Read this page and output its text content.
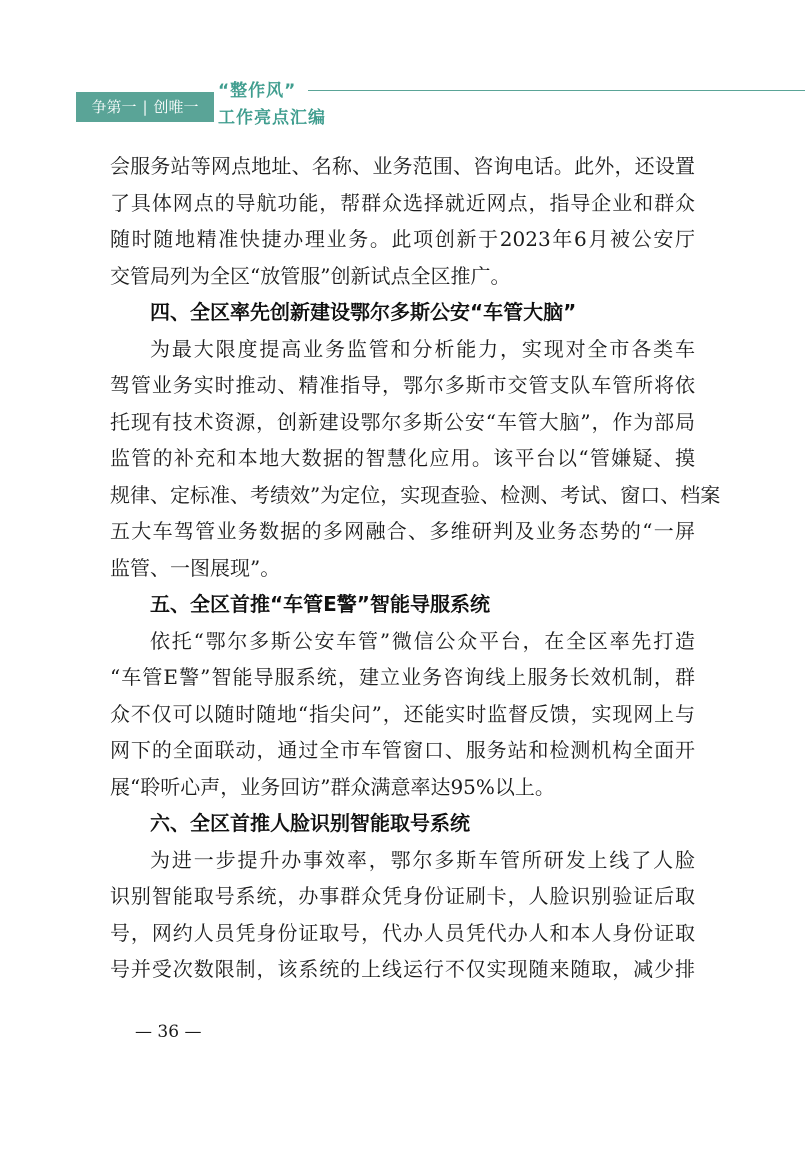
争第一 | 创唯一
“整作风”
工作亮点汇编
会服务站等网点地址、名称、业务范围、咨询电话。此外，还设置
了具体网点的导航功能，帮群众选择就近网点，指导企业和群众
随时随地精准快捷办理业务。此项创新于2023年6月被公安厅
交管局列为全区“放管服”创新试点全区推广。
四、全区率先创新建设鄂尔多斯公安“车管大脑”
为最大限度提高业务监管和分析能力，实现对全市各类车
驾管业务实时推动、精准指导，鄂尔多斯市交管支队车管所将依
托现有技术资源，创新建设鄂尔多斯公安“车管大脑”，作为部局
监管的补充和本地大数据的智慧化应用。该平台以“管嫌疑、摸
规律、定标准、考绩效”为定位，实现查验、检测、考试、窗口、档案
五大车驾管业务数据的多网融合、多维研判及业务态势的“一屏
监管、一图展现”。
五、全区首推“车管E警”智能导服系统
依托“鄂尔多斯公安车管”微信公众平台，在全区率先打造
“车管E警”智能导服系统，建立业务咨询线上服务长效机制，群
众不仅可以随时随地“指尖问”，还能实时监督反馈，实现网上与
网下的全面联动，通过全市车管窗口、服务站和检测机构全面开
展“聆听心声，业务回访”群众满意率达95%以上。
六、全区首推人脸识别智能取号系统
为进一步提升办事效率，鄂尔多斯车管所研发上线了人脸
识别智能取号系统，办事群众凭身份证刷卡，人脸识别验证后取
号，网约人员凭身份证取号，代办人员凭代办人和本人身份证取
号并受次数限制，该系统的上线运行不仅实现随来随取，减少排
— 36 —
